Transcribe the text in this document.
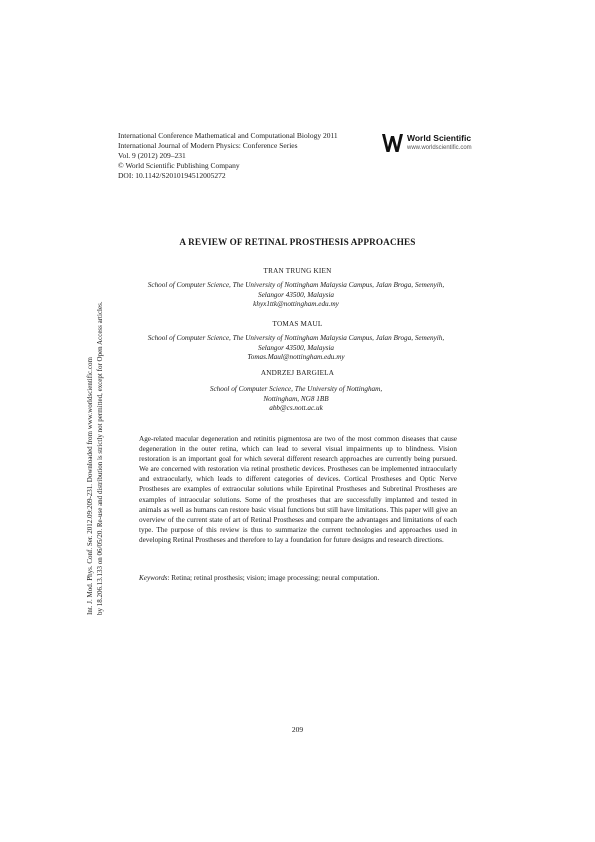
International Conference Mathematical and Computational Biology 2011
International Journal of Modern Physics: Conference Series
Vol. 9 (2012) 209–231
© World Scientific Publishing Company
DOI: 10.1142/S2010194512005272
World Scientific
www.worldscientific.com
A REVIEW OF RETINAL PROSTHESIS APPROACHES
TRAN TRUNG KIEN
School of Computer Science, The University of Nottingham Malaysia Campus, Jalan Broga, Semenyih,
Selangor 43500, Malaysia
khyx1ttk@nottingham.edu.my
TOMAS MAUL
School of Computer Science, The University of Nottingham Malaysia Campus, Jalan Broga, Semenyih,
Selangor 43500, Malaysia
Tomas.Maul@nottingham.edu.my
ANDRZEJ BARGIELA
School of Computer Science, The University of Nottingham,
Nottingham, NG8 1BB
abb@cs.nott.ac.uk
Age-related macular degeneration and retinitis pigmentosa are two of the most common diseases that cause degeneration in the outer retina, which can lead to several visual impairments up to blindness. Vision restoration is an important goal for which several different research approaches are currently being pursued. We are concerned with restoration via retinal prosthetic devices. Prostheses can be implemented intraocularly and extraocularly, which leads to different categories of devices. Cortical Prostheses and Optic Nerve Prostheses are examples of extraocular solutions while Epiretinal Prostheses and Subretinal Prostheses are examples of intraocular solutions. Some of the prostheses that are successfully implanted and tested in animals as well as humans can restore basic visual functions but still have limitations. This paper will give an overview of the current state of art of Retinal Prostheses and compare the advantages and limitations of each type. The purpose of this review is thus to summarize the current technologies and approaches used in developing Retinal Prostheses and therefore to lay a foundation for future designs and research directions.
Keywords: Retina; retinal prosthesis; vision; image processing; neural computation.
209
Int. J. Mod. Phys. Conf. Ser. 2012.09:209-231. Downloaded from www.worldscientific.com by 18.206.13.133 on 06/05/20. Re-use and distribution is strictly not permitted, except for Open Access articles.
